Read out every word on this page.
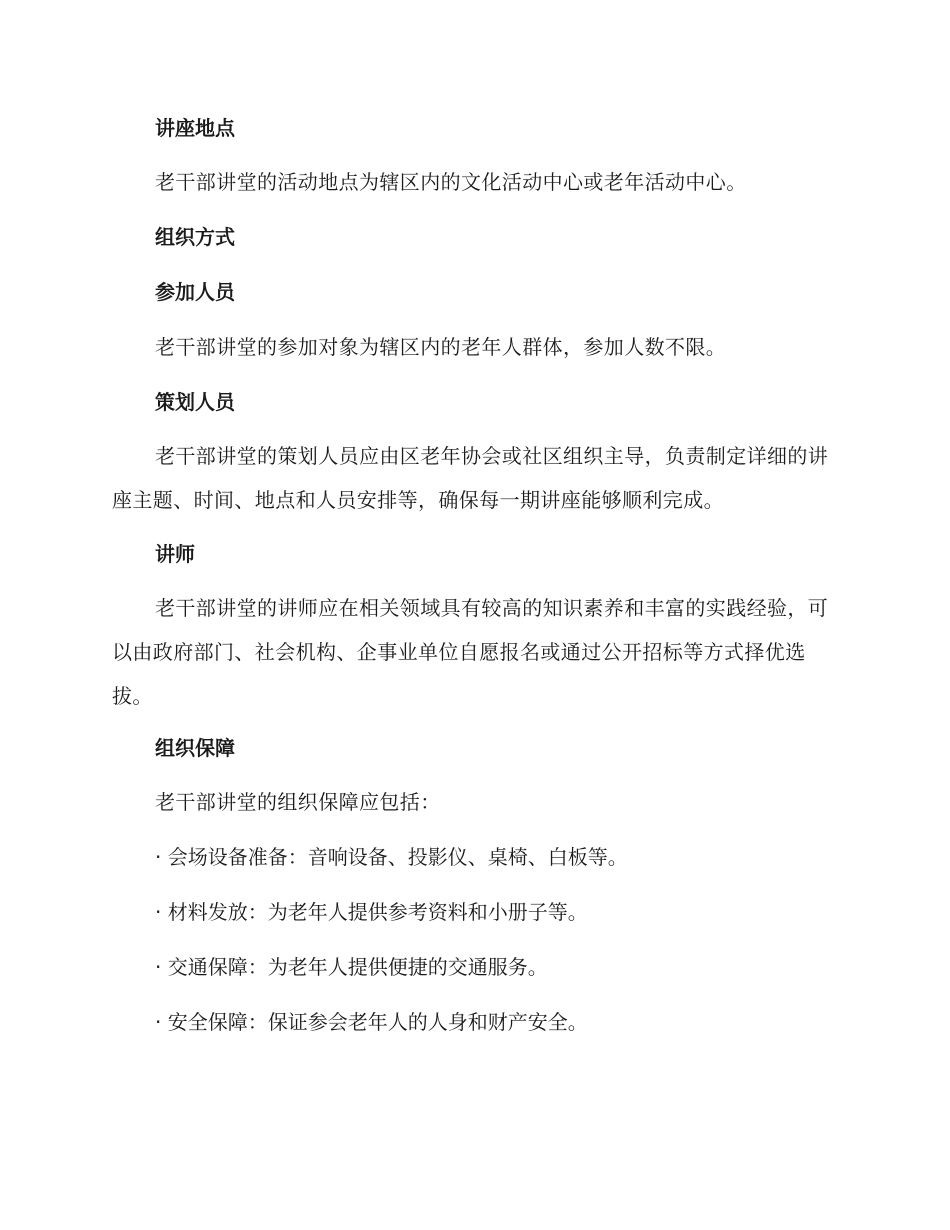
讲座地点

老干部讲堂的活动地点为辖区内的文化活动中心或老年活动中心。

组织方式
参加人员

老干部讲堂的参加对象为辖区内的老年人群体，参加人数不限。

策划人员

老干部讲堂的策划人员应由区老年协会或社区组织主导，负责制定详细的讲座主题、时间、地点和人员安排等，确保每一期讲座能够顺利完成。

讲师

老干部讲堂的讲师应在相关领域具有较高的知识素养和丰富的实践经验，可以由政府部门、社会机构、企事业单位自愿报名或通过公开招标等方式择优选拔。

组织保障

老干部讲堂的组织保障应包括：

· 会场设备准备：音响设备、投影仪、桌椅、白板等。

· 材料发放：为老年人提供参考资料和小册子等。

· 交通保障：为老年人提供便捷的交通服务。

· 安全保障：保证参会老年人的人身和财产安全。
